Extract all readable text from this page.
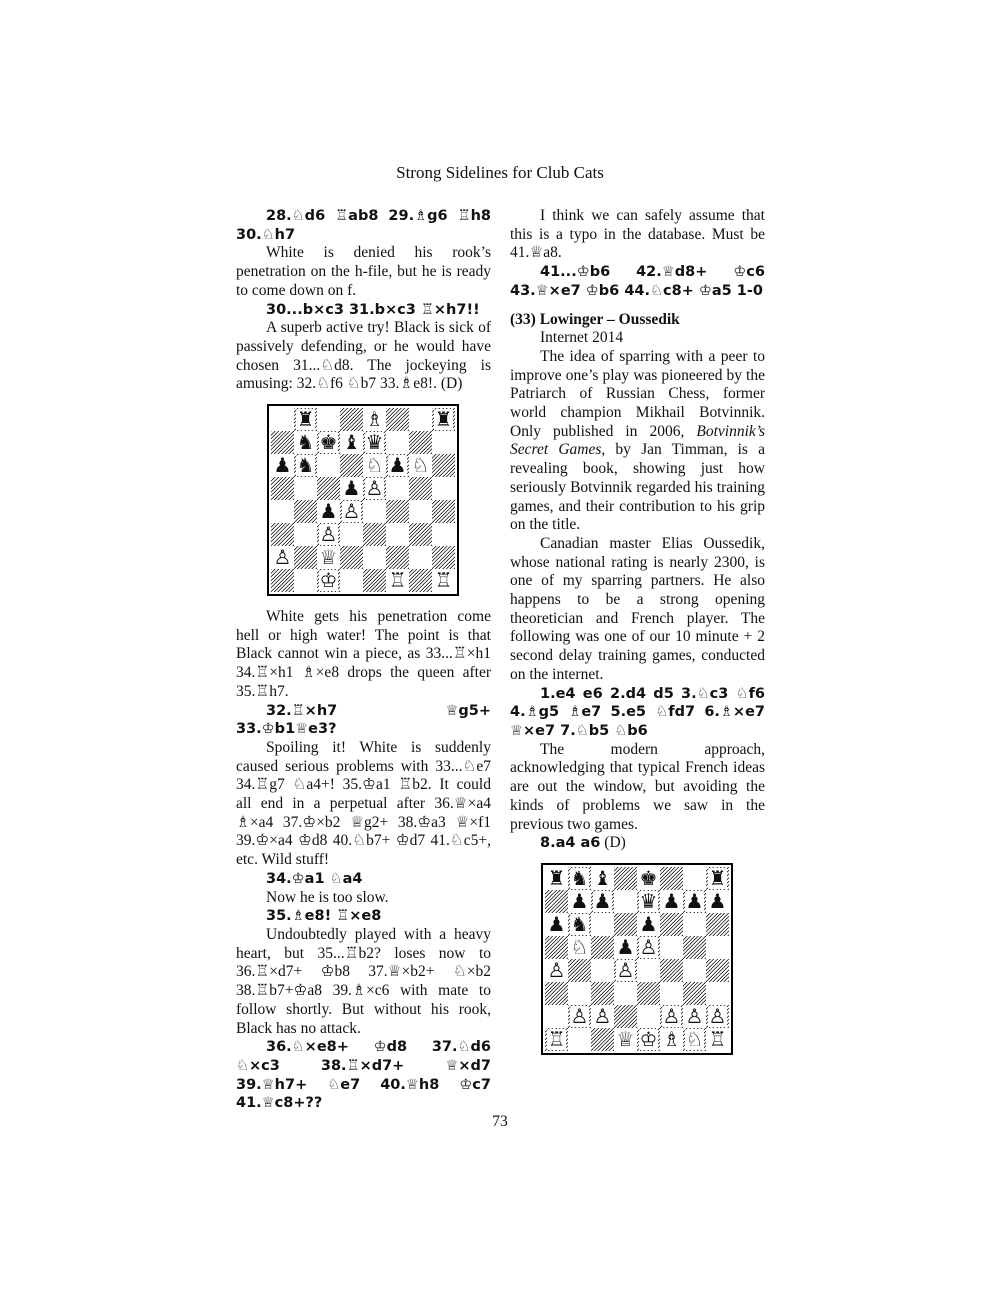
Strong Sidelines for Club Cats

28.♘d6 ♖ab8 29.♗g6 ♖h8 30.♘h7

White is denied his rook’s penetration on the h-file, but he is ready to come down on f.

30...b×c3 31.b×c3 ♖×h7!!

A superb active try! Black is sick of passively defending, or he would have chosen 31...♘d8. The jockeying is amusing: 32.♘f6 ♘b7 33.♗e8!. (D)

♜	♗	♜
♞ ♚ ♝ ♛
♟ ♞	♘ ♟ ♘
♟ ♙
♟ ♙
♙
♙ ♕
♔	♖ ♖

White gets his penetration come hell or high water! The point is that Black cannot win a piece, as 33...♖×h1 34.♖×h1 ♗×e8 drops the queen after 35.♖h7.

32.♖×h7 ♕g5+ 33.♔b1♕e3?

Spoiling it! White is suddenly caused serious problems with 33...♘e7 34.♖g7 ♘a4+! 35.♔a1 ♖b2. It could all end in a perpetual after 36.♕×a4 ♗×a4 37.♔×b2 ♕g2+ 38.♔a3 ♕×f1 39.♔×a4 ♔d8 40.♘b7+ ♔d7 41.♘c5+, etc. Wild stuff!

34.♔a1 ♘a4

Now he is too slow.

35.♗e8! ♖×e8

Undoubtedly played with a heavy heart, but 35...♖b2? loses now to 36.♖×d7+ ♔b8 37.♕×b2+ ♘×b2 38.♖b7+♔a8 39.♗×c6 with mate to follow shortly. But without his rook, Black has no attack.

36.♘×e8+ ♔d8 37.♘d6 ♘×c3 38.♖×d7+ ♕×d7 39.♕h7+ ♘e7 40.♕h8 ♔c7 41.♕c8+??

I think we can safely assume that this is a typo in the database. Must be 41.♕a8.

41...♔b6 42.♕d8+ ♔c6 43.♕×e7 ♔b6 44.♘c8+ ♔a5 1-0

(33) Lowinger – Oussedik

Internet 2014

The idea of sparring with a peer to improve one’s play was pioneered by the Patriarch of Russian Chess, former world champion Mikhail Botvinnik. Only published in 2006, Botvinnik’s Secret Games, by Jan Timman, is a revealing book, showing just how seriously Botvinnik regarded his training games, and their contribution to his grip on the title.

Canadian master Elias Oussedik, whose national rating is nearly 2300, is one of my sparring partners. He also happens to be a strong opening theoretician and French player. The following was one of our 10 minute + 2 second delay training games, conducted on the internet.

1.e4 e6 2.d4 d5 3.♘c3 ♘f6 4.♗g5 ♗e7 5.e5 ♘fd7 6.♗×e7 ♕×e7 7.♘b5 ♘b6

The modern approach, acknowledging that typical French ideas are out the window, but avoiding the kinds of problems we saw in the previous two games.

8.a4 a6 (D)

♜ ♞ ♝ ♚	♜
♟ ♟ ♛ ♟ ♟ ♟
♟ ♞	♟
♘ ♟ ♙
♙	♙
♙ ♙	♙ ♙ ♙
♖	♕ ♔ ♗ ♘ ♖
73
